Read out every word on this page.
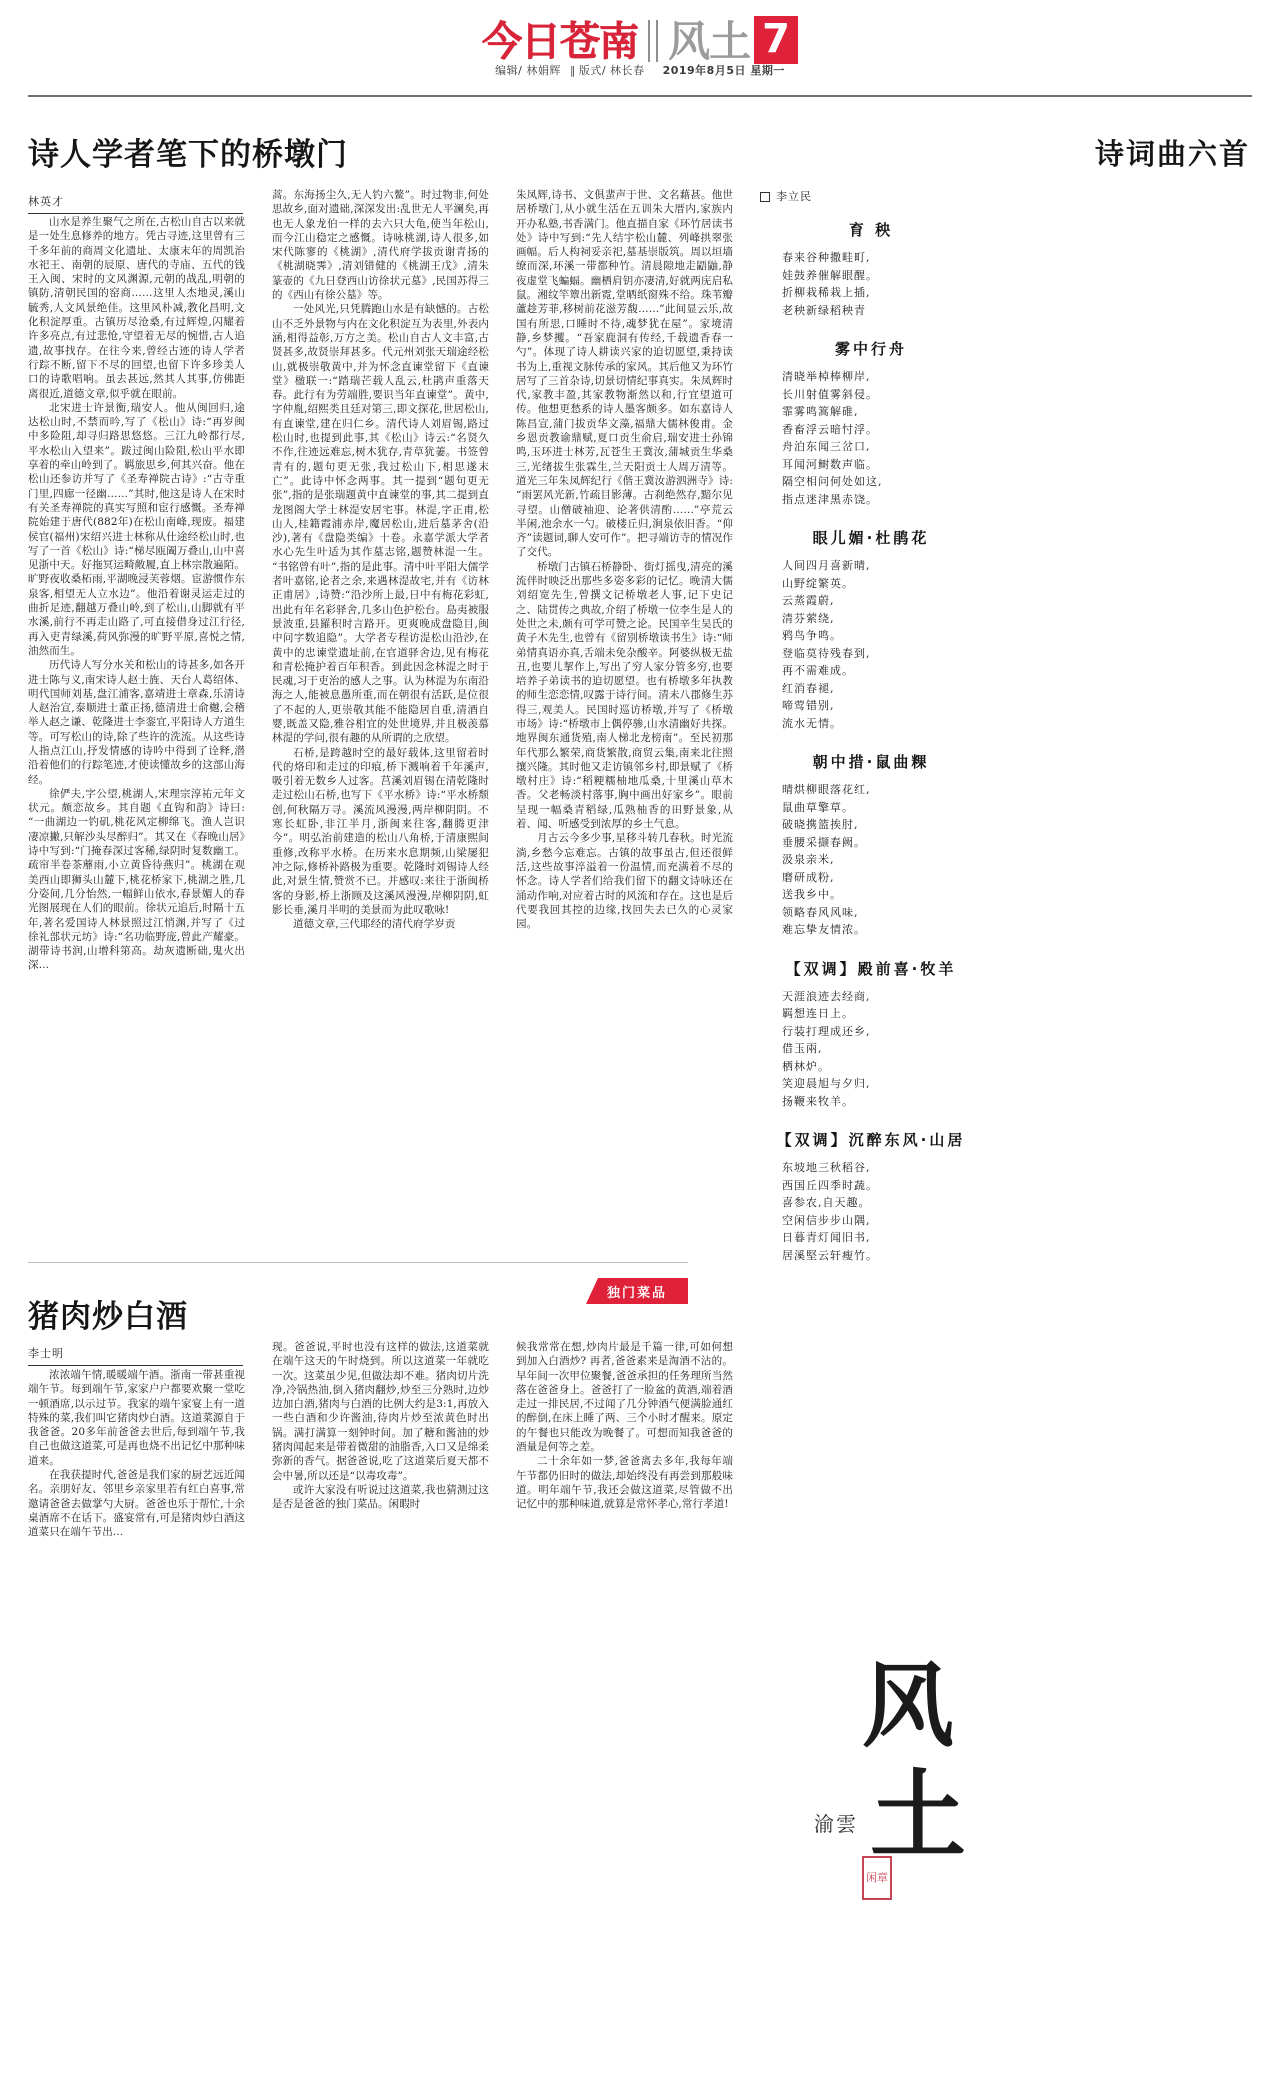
今日苍南 风土 7
编辑/ 林娟辉 ‖ 版式/ 林长春 2019年8月5日 星期一
诗人学者笔下的桥墩门	诗词曲六首
林英才

山水是养生聚气之所在,古松山自古以来就是一处生息修养的地方。凭古寻迹,这里曾有三千多年前的商周文化遗址、太康末年的周凯治水祀王、南朝的辰原、唐代的寺庙、五代的钱王入闽、宋时的文风渊源,元朝的战乱,明朝的镇防,清朝民国的窑商……这里人杰地灵,溪山毓秀,人文风景绝佳。这里风朴减,教化昌明,文化积淀厚重。古镇历尽沧桑,有过辉煌,闪耀着许多亮点,有过悲怆,守望着无尽的惋惜,古人追遗,故事找存。在往今来,曾经古迹的诗人学者行踪不断,留下不尽的回望,也留下许多珍美人口的诗歌唱响。虽去甚远,然其人其事,仿佛距离很近,道德文章,似乎就在眼前。

北宋进士许景衡,瑞安人。他从闽回归,途达松山时,不禁而吟,写了《松山》诗:“再岁闽中多险阻,却寻归路思悠悠。三江九岭都行尽,平水松山入望来”。跋过闽山险阻,松山平水即享着的牵山岭到了。羁旅思乡,何其兴奋。他在松山还参访并写了《圣寿禅院古诗》:“古寺重门里,四廊一径幽……”其时,他这是诗人在宋时有关圣寿禅院的真实写照和宦行感慨。圣寿禅院始建于唐代(882年)在松山南峰,现废。福建侯官(福州)宋绍兴进士林称从仕途经松山时,也写了一首《松山》诗:“梯尽瓯阖万叠山,山中喜见浙中天。好拖冥运畸敞履,直上林宗散遍陌。旷野夜收桑柘雨,平湖晚浸芙蓉烟。宦游惯作东泉客,相望无人立水边”。他沿着谢灵运走过的曲折足迹,翻越万叠山岭,到了松山,山脚就有平水溪,前行不再走山路了,可直接借身过江行径,再入吏青绿溪,荷风弥漫的旷野平原,喜悦之情,油然而生。

历代诗人写分水关和松山的诗甚多,如各开进士陈与义,南宋诗人赵士旌、天台人葛绍体、明代国师刘基,盘江浦客,嘉靖进士章森,乐清诗人赵治宣,泰顺进士董正扬,德清进士俞樾,会稽举人赵之谦、乾隆进士李銮宜,平阳诗人方道生等。可写松山的诗,除了些许的洗流。从这些诗人指点江山,抒发情感的诗吟中得到了诠释,潜沿着他们的行踪笔迹,才使读懂故乡的这部山海经。

徐俨夫,字公望,桃湖人,宋理宗淳祐元年文状元。颇恋故乡。其自题《直钩和韵》诗曰:“一曲湖边一钓矶,桃花风定柳绵飞。渔人岂识凄凉撇,只解沙头尽醉归”。其又在《春晚山居》诗中写到:“门掩春深过客稀,绿阴时复数幽工。疏帘半卷茶蘼雨,小立黄昏待燕归”。桃湖在观美西山即狮头山麓下,桃花桥家下,桃湖之胜,几分姿间,几分怡然,一幅鲜山依水,春景媚人的春光图展现在人们的眼前。徐状元追后,时隔十五年,著名爱国诗人林景照过江悄渊,并写了《过徐礼部状元坊》诗:“名功临野庞,曾此产耀豪。湖带诗书润,山增科第高。劫灰遗断础,鬼火出深…

蒿。东海扬尘久,无人钓六鳌”。时过物非,何处思故乡,面对遗础,深深发出:乱世无人平澜矣,再也无人象龙伯一样的去六只大龟,使当年松山,而今江山稳定之感慨。诗咏桃湖,诗人很多,如宋代陈寥的《桃湖》,清代府学拔贡谢青扬的《桃湖晓霁》,清刘错健的《桃湖王戊》,清朱篆壶的《九日登西山访徐状元墓》,民国苏得三的《西山有徐公墓》等。

一处风光,只凭腾跑山水是有缺憾的。古松山不乏外景物与内在文化积淀互为表里,外表内涵,相得益彰,万方之美。松山自古人文丰富,古贤甚多,故贤崇拜甚多。代元州刘张天瑞途经松山,就极崇敬黄中,并为怀念直谏堂留下《直谏堂》楹联一:“踏瑞芒载人乱云,杜鹃声重落天春。此行有为劳端胜,要识当年直谏堂”。黄中,字仲胤,绍熙类且廷对第三,即文探花,世居松山,有直谏堂,建在归仁乡。清代诗人刘眉锡,路过松山时,也提到此事,其《松山》诗云:“名贤久不作,往迹远难忘,树木犹存,青草犹萋。书签曾青有的,题句更无张,我过松山下,相思遂末亡”。此诗中怀念两事。其一提到“题句更无张”,指的是张瑞题黄中直谏堂的事,其二提到直龙图阁大学士林湜安居宅事。林湜,字正甫,松山人,桂籍霞浦赤岸,魔居松山,进后墓茅舍(沿沙),著有《盘隐类编》十卷。永嘉学派大学者水心先生叶适为其作墓志铭,题赞林湜一生。“书铭曾有叶”,指的是此事。清中叶平阳大儒学者叶嘉铭,论者之余,来遇林湜故宅,并有《访林正甫居》,诗赞:“沿沙所上最,日中有梅花彩虹,出此有年名彩驿舍,几多山色护松台。島夷被服景波重,县羅积时言路开。更爽晚成盘隐目,闽中问字数追隐”。大学者专程访湜松山沿沙,在黄中的忠谏堂遗址前,在官道驿舍边,见有梅花和青松掩护着百年积香。到此因念林湜之时于民魂,习于吏治的感人之事。认为林湜为东南沿海之人,能被息愚所重,而在朝很有活跃,是位很了不起的人,更崇敬其能不能隐居自重,清酒自婴,既盖又隐,雅谷相宜的处世境界,并且极羡慕林湜的学问,很有趣的从所谓的之欣望。

石桥,是跨越时空的最好载体,这里留着时代的烙印和走过的印痕,桥下溅响着千年溪声,吸引着无数乡人过客。莒溪刘眉锡在清乾隆时走过松山石桥,也写下《平水桥》诗:“平水桥颓创,何秋隔万寻。溪流风漫漫,两岸柳阴阴。不寒长虹卧,非江半月,浙闽来往客,翻腾更津今”。明弘治前建造的松山八角桥,于清康熙间重修,改称平水桥。在历来水息期频,山梁屡犯冲之际,修桥补路极为重要。乾隆时刘锡诗人经此,对景生情,赞赏不已。并感叹:来往于浙闽桥客的身影,桥上浙顾及这溪风漫漫,岸柳阴阴,虹影长垂,溪月半明的美景而为此叹歌咏!

道德文章,三代耶经的清代府学岁贡

朱凤辉,诗书、文俱蜚声于世、文名藉甚。他世居桥墩门,从小就生活在五训朱大厝内,家族内开办私塾,书香满门。他直描自家《环竹居读书处》诗中写到:“先人结宇松山麓、列峰拱翠张画幅。后人构祠妥亲祀,墓基崇版筑。周以垣墙缭而深,环溪一带都种竹。清晨隙地走鼯鼬,静夜虚堂飞蝙蝠。幽栖肩钥亦凄清,好就两庑启私鼠。湘纹竿簟出新霓,堂晒纸窗殊不给。珠苇瓣蘆趁芳菲,移树前花滋芳馥……”此间显云乐,故国有所思,口睡时不待,魂梦犹在屋”。家境清静,乡梦攫。“吾家鹿洞有传经,千载遗香春一勺”。体现了诗人耕读兴家的迫切愿望,秉持读书为上,重视文脉传承的家风。其后他又为环竹居写了三首杂诗,切景切情纪事真实。朱凤辉时代,家教丰盈,其家教物渐然以和,行宜望道可传。他想更愁系的诗人墨客颇多。如东嘉诗人陈昌宣,蒲门拔贡华文藻,福鼎大儒林俊甫。金乡恩贡教谕鼎赋,夏口贡生俞启,瑞安进士孙锦鸣,玉环进士林芳,瓦苍生王冀汝,蒲城贡生华桑三,光绪拔生张霖生,兰天阳贡士人周万清等。道光三年朱凤辉纪行《偕王冀汝游泗洲寺》诗:“雨罢风光新,竹疏目影薄。古刹绝然存,黯尔见寻望。山僧破袖迎、论著供清酌……”亭荒云半闲,池余水一勺。破楼丘归,涧泉依旧香。“仰齐”读题词,聊人安可作”。把寻端访寺的情况作了交代。

桥墩门古镇石桥静卧、街灯摇曳,清亮的溪流伴时映泛出那些多姿多彩的记忆。晚清大儒刘绍宽先生,曾撰文记桥墩老人事,记下史记之、陆贯传之典故,介绍了桥墩一位李生是人的处世之未,颇有可学可赞之论。民国辛生吴氏的黄子木先生,也曾有《留别桥墩读书生》诗:“师弟情真语亦真,舌端未免杂酸辛。阿婆纵极无盐丑,也要儿挈作上,写出了穷人家分管多穷,也要培养子弟读书的迫切愿望。也有桥墩多年执教的师生恋恋情,叹露于诗行间。清未八郡修生苏得三,观美人。民国时巡访桥墩,并写了《桥墩市场》诗:“桥墩市上偶停骖,山水清幽好共探。地界闽东通货殖,南人梯北龙榜南”。至民初那年代那么繁荣,商货繁散,商贸云集,南来北往照攘兴隆。其时他又走访镇邻乡村,即景赋了《桥墩村庄》诗:“稻粳糯柚地瓜桑,十里溪山草木香。父老畅淡村落事,胸中画出好家乡”。眼前呈现一幅桑青稻绿,瓜熟柚香的田野景象,从着、闻、听感受到浓厚的乡土气息。

月古云今多少事,星移斗转几春秋。时光流淌,乡愁今忘难忘。古镇的故事虽古,但还很鲜活,这些故事淬溢着一份温情,而充满着不尽的怀念。诗人学者们给我们留下的翻文诗咏还在涌动作响,对应着古时的风流和存在。这也是后代要我回其控的边缘,找回失去已久的心灵家园。

李立民
育 秧
春来谷种撒畦町,
娃鼓养催解眼醒。
折柳栽稀栽上插,
老秧新绿稻秧青
雾中行舟
清晓举棹棒柳岸,
长川射值雾斜侵。
霏雾鸣篙解碓,
香畜浮云暗忖浮。
舟泊东闻三岔口,
耳闻河鲥数声临。
隔空相问何处如这,
指点迷津黑赤饶。
眼儿媚·杜鹃花
人间四月喜新晴,
山野绽繁英。
云蒸霞蔚,
清芬萦绕,
鸦鸟争鸣。
登临莫待残春到,
再不需难成。
红消春褪,
啼莺错别,
流水无情。
朝中措·鼠曲粿
晴烘柳眼落花红,
鼠曲草擎草。
破晓携篮挨肘,
垂腰采撷春阙。
汲泉亲米,
磨研成粉,
送我乡中。
领略春风风味,
难忘挚友情浓。
【双调】殿前喜·牧羊
天涯浪迹去经商,
羁想连日上。
行装打理成还乡,
借玉兩,
栖林炉。
笑迎晨旭与夕归,
扬鞭来牧羊。
【双调】沉醉东风·山居
东坡地三秋稻谷,
西国丘四季时蔬。
喜参农,自天趣。
空闲信步步山隅,
日暮青灯闻旧书,
居溪堅云轩瘦竹。
猪肉炒白酒
独门菜品
李士明

浓浓端午情,暖暖端午酒。浙南一带甚重视端午节。每到端午节,家家户户都要欢聚一堂吃一顿酒席,以示过节。我家的端午家宴上有一道特殊的菜,我们叫它猪肉炒白酒。这道菜源自于我爸爸。20多年前爸爸去世后,每到端午节,我自己也做这道菜,可是再也烧不出记忆中那种味道来。

在我获提时代,爸爸是我们家的厨艺远近闻名。亲朋好友、邻里乡亲家里若有红白喜事,常邀请爸爸去做掌勺大厨。爸爸也乐于帮忙,十余桌酒席不在话下。盛宴常有,可是猪肉炒白酒这道菜只在端午节出…

现。爸爸说,平时也没有这样的做法,这道菜就在端午这天的午时烧到。所以这道菜一年就吃一次。这菜虽少见,但做法却不难。猪肉切片洗净,冷锅热油,倒入猪肉翻炒,炒至三分熟时,边炒边加白酒,猪肉与白酒的比例大约是3:1,再放入一些白酒和少许酱油,待肉片炒至浓黄色时出锅。满打满算一刻钟时间。加了糖和酱油的炒猪肉闻起来是带着微甜的油脂香,入口又是绵柔弥新的香气。据爸爸说,吃了这道菜后夏天都不会中暑,所以还是“以毒攻毒”。

或许大家没有听说过这道菜,我也猜测过这是否是爸爸的独门菜品。闲暇时

候我常常在想,炒肉片最是千篇一律,可如何想到加入白酒炒? 再者,爸爸素来是淘酒不沾的。早年间一次甲位聚餐,爸爸承担的任务理所当然落在爸爸身上。爸爸打了一脸盆的黄酒,端着酒走过一排民居,不过闻了几分钟酒气便满脸通红的醉倒,在床上睡了两、三个小时才醒来。原定的午餐也只能改为晚餐了。可想而知我爸爸的酒量是何等之差。

二十余年如一梦,爸爸离去多年,我每年端午节都仍旧时的做法,却始终没有再尝到那般味道。明年端午节,我还会做这道菜,尽管做不出记忆中的那种味道,就算是常怀孝心,常行孝道!

风
土
渝雲
闲章
